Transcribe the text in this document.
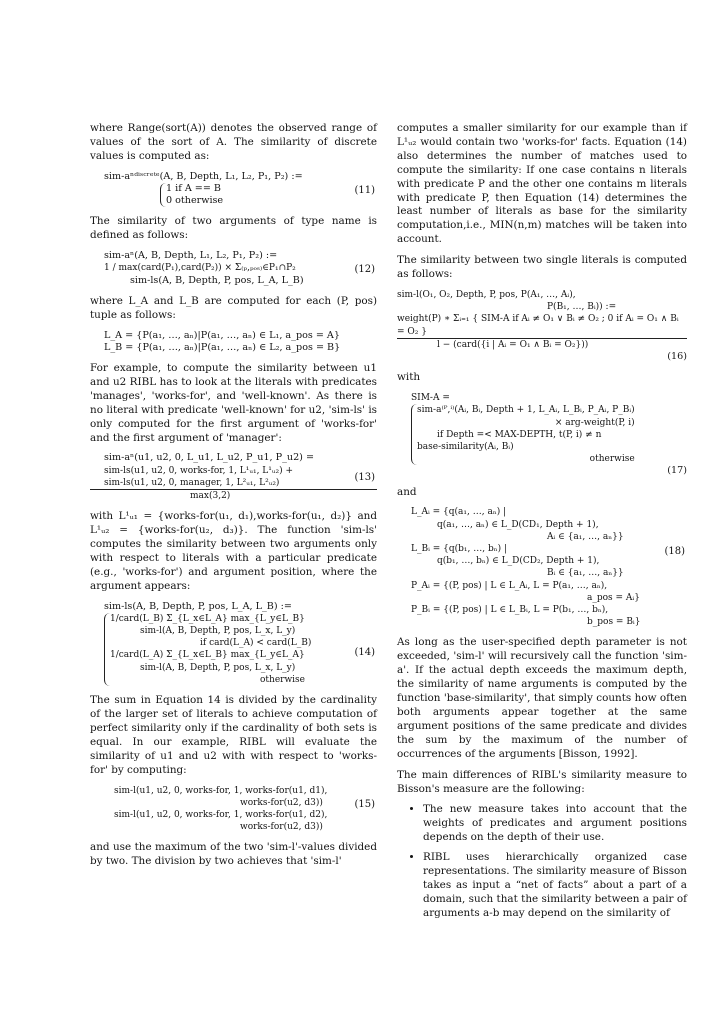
where Range(sort(A)) denotes the observed range of values of the sort of A. The similarity of discrete values is computed as:

sim-aⁿᵈⁱˢᶜʳᵉᵗᵉ(A, B, Depth, L₁, L₂, P₁, P₂) :=
1 if A == B
0 otherwise
(11)

The similarity of two arguments of type name is defined as follows:

sim-aⁿ(A, B, Depth, L₁, L₂, P₁, P₂) :=
1 / max(card(P₁),card(P₂)) × Σ₍ₚ,ₚₒₛ₎∈P₁∩P₂
sim-ls(A, B, Depth, P, pos, L_A, L_B)
(12)

where L_A and L_B are computed for each (P, pos) tuple as follows:

L_A = {P(a₁, …, aₙ)|P(a₁, …, aₙ) ∈ L₁, a_pos = A}
L_B = {P(a₁, …, aₙ)|P(a₁, …, aₙ) ∈ L₂, a_pos = B}

For example, to compute the similarity between u1 and u2 RIBL has to look at the literals with predicates 'manages', 'works-for', and 'well-known'. As there is no literal with predicate 'well-known' for u2, 'sim-ls' is only computed for the first argument of 'works-for' and the first argument of 'manager':

sim-aⁿ(u1, u2, 0, L_u1, L_u2, P_u1, P_u2) =
sim-ls(u1, u2, 0, works-for, 1, L¹ᵤ₁, L¹ᵤ₂) +
sim-ls(u1, u2, 0, manager, 1, L²ᵤ₁, L²ᵤ₂)
max(3,2)
(13)

with L¹ᵤ₁ = {works-for(u₁, d₁),works-for(u₁, d₂)} and L¹ᵤ₂ = {works-for(u₂, d₃)}. The function 'sim-ls' computes the similarity between two arguments only with respect to literals with a particular predicate (e.g., 'works-for') and argument position, where the argument appears:

sim-ls(A, B, Depth, P, pos, L_A, L_B) :=
1/card(L_B) Σ_{L_x∈L_A} max_{L_y∈L_B}
sim-l(A, B, Depth, P, pos, L_x, L_y)
if card(L_A) < card(L_B)
1/card(L_A) Σ_{L_x∈L_B} max_{L_y∈L_A}
sim-l(A, B, Depth, P, pos, L_x, L_y)
otherwise
(14)

The sum in Equation 14 is divided by the cardinality of the larger set of literals to achieve computation of perfect similarity only if the cardinality of both sets is equal. In our example, RIBL will evaluate the similarity of u1 and u2 with with respect to 'works-for' by computing:

sim-l(u1, u2, 0, works-for, 1, works-for(u1, d1),
works-for(u2, d3))
sim-l(u1, u2, 0, works-for, 1, works-for(u1, d2),
works-for(u2, d3))
(15)

and use the maximum of the two 'sim-l'-values divided by two. The division by two achieves that 'sim-l'

computes a smaller similarity for our example than if L¹ᵤ₂ would contain two 'works-for' facts. Equation (14) also determines the number of matches used to compute the similarity: If one case contains n literals with predicate P and the other one contains m literals with predicate P, then Equation (14) determines the least number of literals as base for the similarity computation,i.e., MIN(n,m) matches will be taken into account.

The similarity between two single literals is computed as follows:

sim-l(O₁, O₂, Depth, P, pos, P(A₁, …, Aᵢ),
P(B₁, …, Bᵢ)) :=
weight(P) ∗ Σᵢ₌₁ { SIM-A if Aᵢ ≠ O₁ ∨ Bᵢ ≠ O₂ ; 0 if Aᵢ = O₁ ∧ Bᵢ = O₂ }
l − (card({i | Aᵢ = O₁ ∧ Bᵢ = O₂}))
(16)

with

SIM-A =
sim-a⁽ᴾ,ⁱ⁾(Aᵢ, Bᵢ, Depth + 1, L_Aᵢ, L_Bᵢ, P_Aᵢ, P_Bᵢ)
× arg-weight(P, i)
if Depth =< MAX-DEPTH, t(P, i) ≠ n
base-similarity(Aᵢ, Bᵢ)
otherwise
(17)

and

L_Aᵢ = {q(a₁, …, aₙ) |
q(a₁, …, aₙ) ∈ L_D(CD₁, Depth + 1),
Aᵢ ∈ {a₁, …, aₙ}}
L_Bᵢ = {q(b₁, …, bₙ) |
q(b₁, …, bₙ) ∈ L_D(CD₂, Depth + 1),
Bᵢ ∈ {a₁, …, aₙ}}
P_Aᵢ = {(P, pos) | L ∈ L_Aᵢ, L = P(a₁, …, aₙ),
a_pos = Aᵢ}
P_Bᵢ = {(P, pos) | L ∈ L_Bᵢ, L = P(b₁, …, bₙ),
b_pos = Bᵢ}
(18)

As long as the user-specified depth parameter is not exceeded, 'sim-l' will recursively call the function 'sim-a'. If the actual depth exceeds the maximum depth, the similarity of name arguments is computed by the function 'base-similarity', that simply counts how often both arguments appear together at the same argument positions of the same predicate and divides the sum by the maximum of the number of occurrences of the arguments [Bisson, 1992].

The main differences of RIBL's similarity measure to Bisson's measure are the following:

• The new measure takes into account that the weights of predicates and argument positions depends on the depth of their use.
• RIBL uses hierarchically organized case representations. The similarity measure of Bisson takes as input a “net of facts” about a part of a domain, such that the similarity between a pair of arguments a-b may depend on the similarity of
